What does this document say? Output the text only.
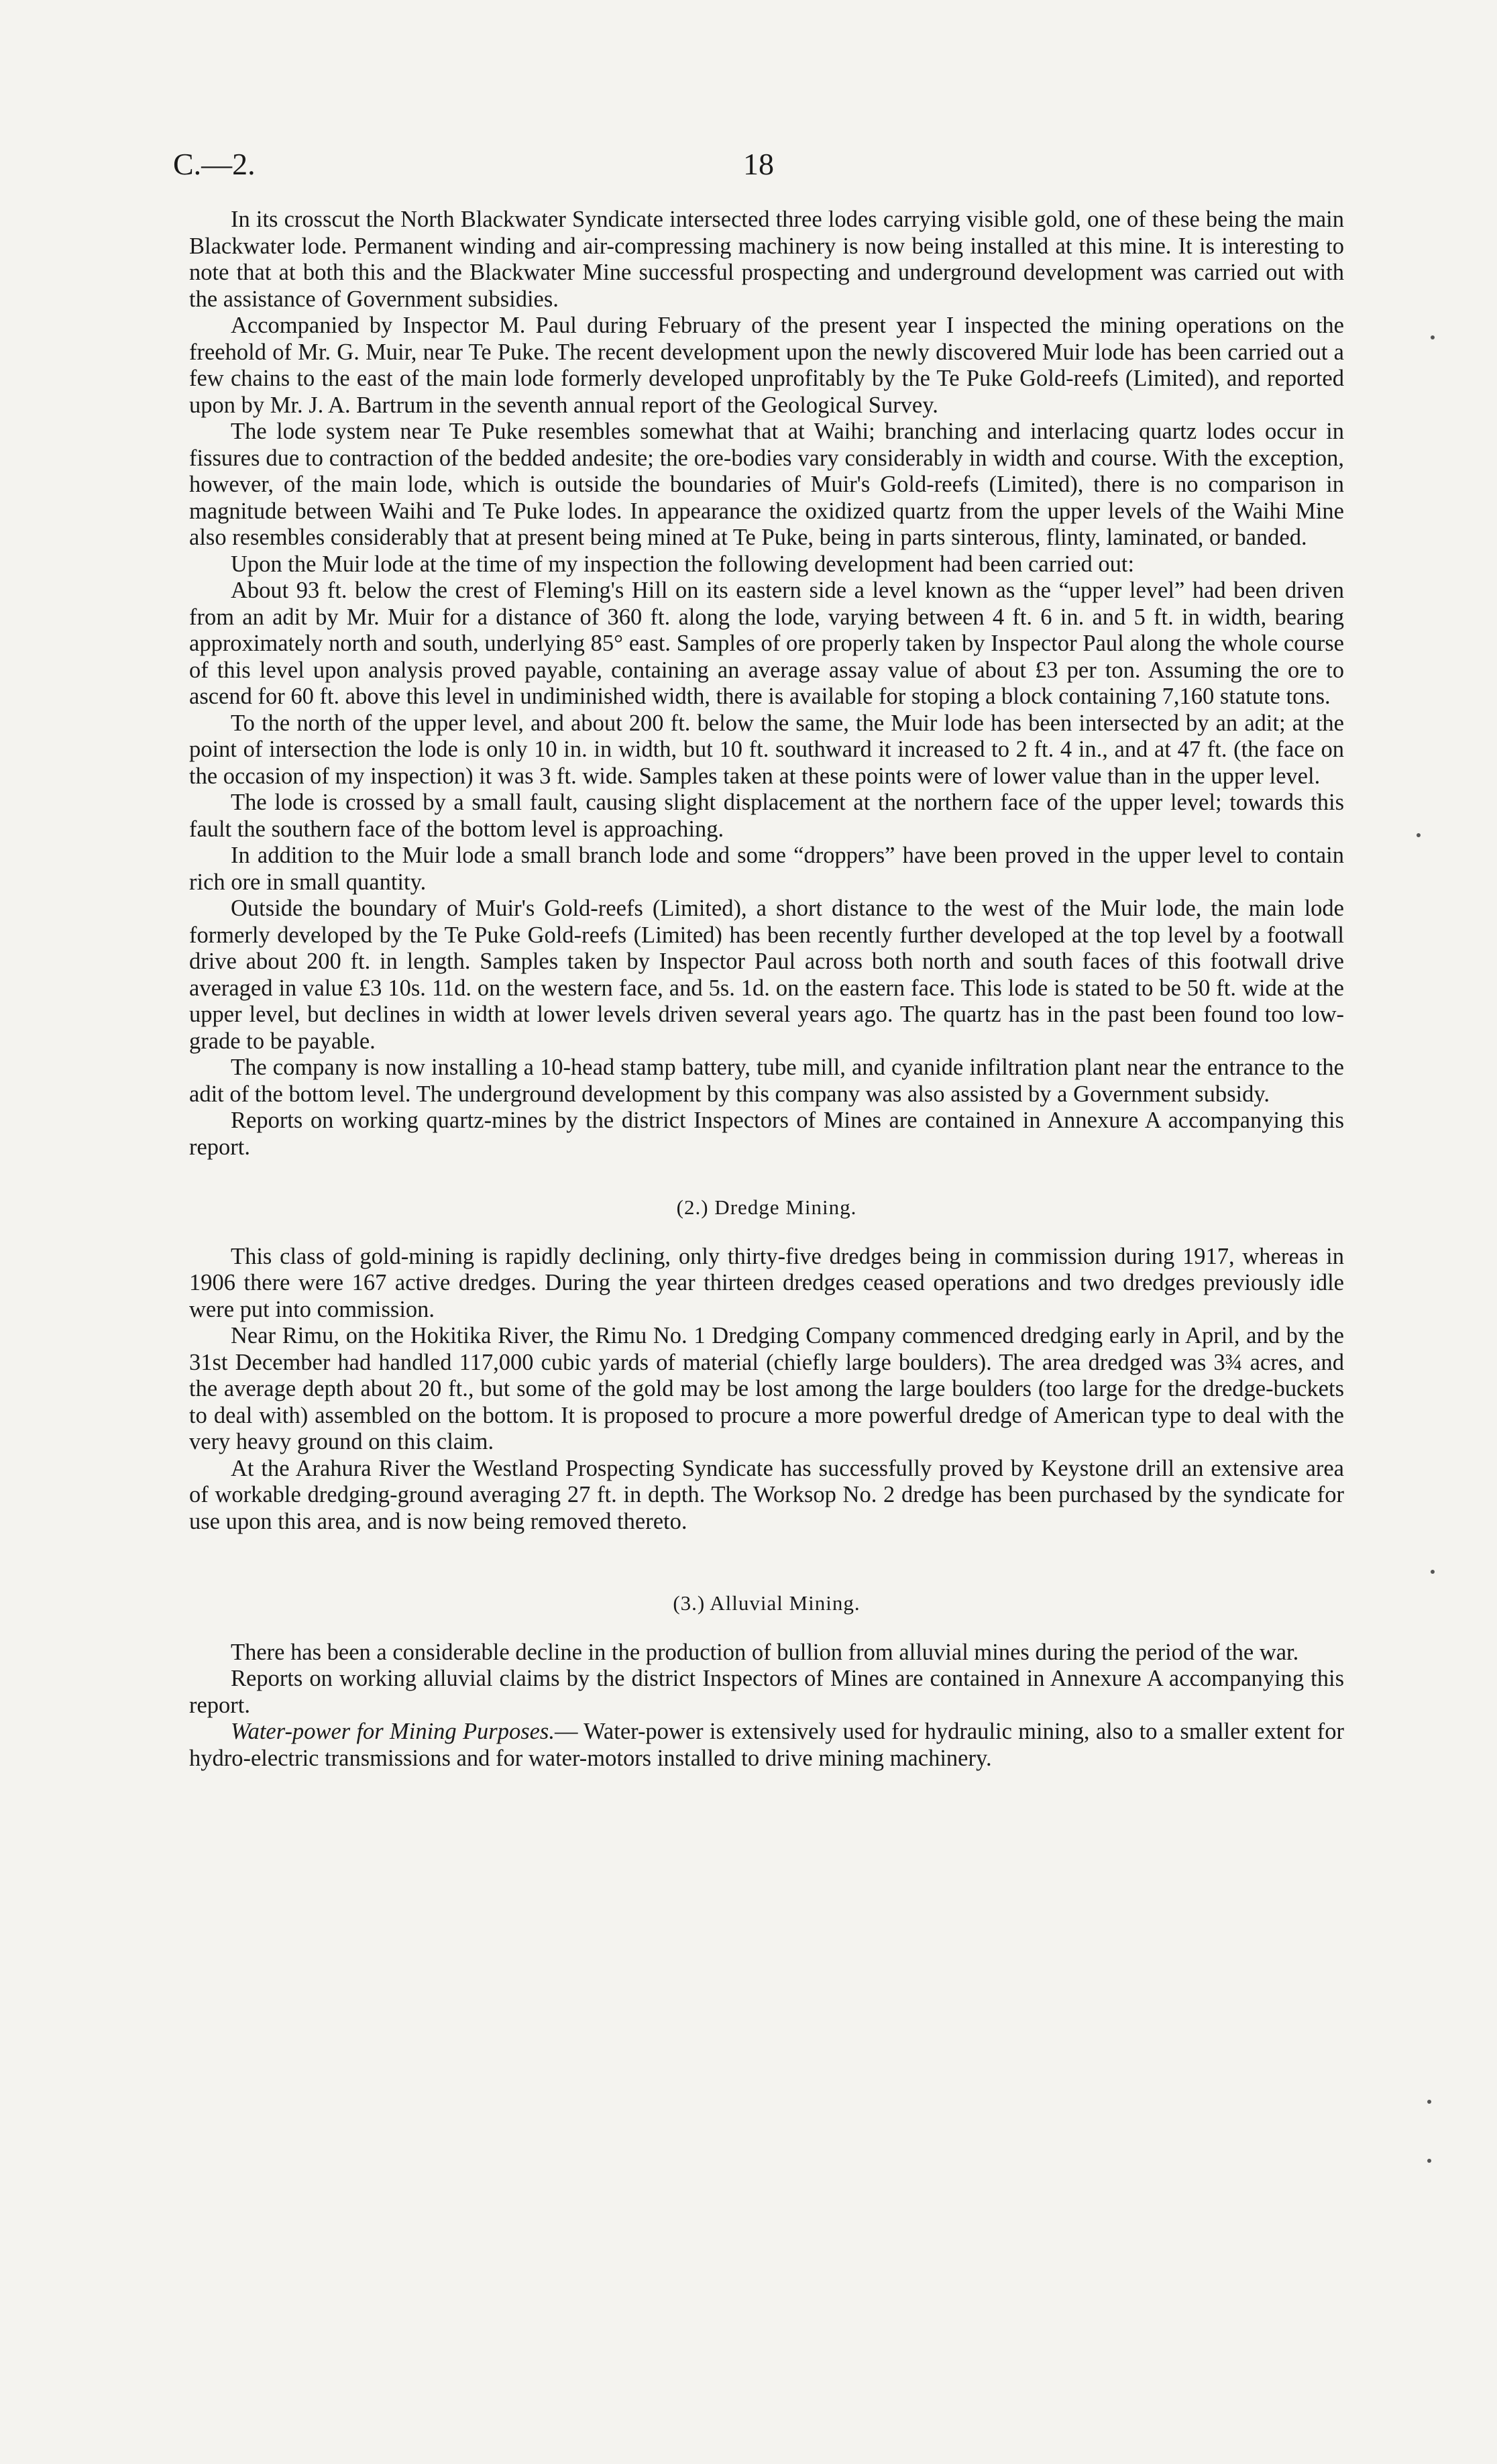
C.—2.	18

In its crosscut the North Blackwater Syndicate intersected three lodes carrying visible gold, one of these being the main Blackwater lode. Permanent winding and air-compressing machinery is now being installed at this mine. It is interesting to note that at both this and the Blackwater Mine successful prospecting and underground development was carried out with the assistance of Government subsidies.

Accompanied by Inspector M. Paul during February of the present year I inspected the mining operations on the freehold of Mr. G. Muir, near Te Puke. The recent development upon the newly discovered Muir lode has been carried out a few chains to the east of the main lode formerly developed unprofitably by the Te Puke Gold-reefs (Limited), and reported upon by Mr. J. A. Bartrum in the seventh annual report of the Geological Survey.

The lode system near Te Puke resembles somewhat that at Waihi; branching and interlacing quartz lodes occur in fissures due to contraction of the bedded andesite; the ore-bodies vary considerably in width and course. With the exception, however, of the main lode, which is outside the boundaries of Muir's Gold-reefs (Limited), there is no comparison in magnitude between Waihi and Te Puke lodes. In appearance the oxidized quartz from the upper levels of the Waihi Mine also resembles considerably that at present being mined at Te Puke, being in parts sinterous, flinty, laminated, or banded.

Upon the Muir lode at the time of my inspection the following development had been carried out:

About 93 ft. below the crest of Fleming's Hill on its eastern side a level known as the “upper level” had been driven from an adit by Mr. Muir for a distance of 360 ft. along the lode, varying between 4 ft. 6 in. and 5 ft. in width, bearing approximately north and south, underlying 85° east. Samples of ore properly taken by Inspector Paul along the whole course of this level upon analysis proved payable, containing an average assay value of about £3 per ton. Assuming the ore to ascend for 60 ft. above this level in undiminished width, there is available for stoping a block containing 7,160 statute tons.

To the north of the upper level, and about 200 ft. below the same, the Muir lode has been intersected by an adit; at the point of intersection the lode is only 10 in. in width, but 10 ft. southward it increased to 2 ft. 4 in., and at 47 ft. (the face on the occasion of my inspection) it was 3 ft. wide. Samples taken at these points were of lower value than in the upper level.

The lode is crossed by a small fault, causing slight displacement at the northern face of the upper level; towards this fault the southern face of the bottom level is approaching.

In addition to the Muir lode a small branch lode and some “droppers” have been proved in the upper level to contain rich ore in small quantity.

Outside the boundary of Muir's Gold-reefs (Limited), a short distance to the west of the Muir lode, the main lode formerly developed by the Te Puke Gold-reefs (Limited) has been recently further developed at the top level by a footwall drive about 200 ft. in length. Samples taken by Inspector Paul across both north and south faces of this footwall drive averaged in value £3 10s. 11d. on the western face, and 5s. 1d. on the eastern face. This lode is stated to be 50 ft. wide at the upper level, but declines in width at lower levels driven several years ago. The quartz has in the past been found too low-grade to be payable.

The company is now installing a 10-head stamp battery, tube mill, and cyanide infiltration plant near the entrance to the adit of the bottom level. The underground development by this company was also assisted by a Government subsidy.

Reports on working quartz-mines by the district Inspectors of Mines are contained in Annexure A accompanying this report.

(2.) Dredge Mining.

This class of gold-mining is rapidly declining, only thirty-five dredges being in commission during 1917, whereas in 1906 there were 167 active dredges. During the year thirteen dredges ceased operations and two dredges previously idle were put into commission.

Near Rimu, on the Hokitika River, the Rimu No. 1 Dredging Company commenced dredging early in April, and by the 31st December had handled 117,000 cubic yards of material (chiefly large boulders). The area dredged was 3¾ acres, and the average depth about 20 ft., but some of the gold may be lost among the large boulders (too large for the dredge-buckets to deal with) assembled on the bottom. It is proposed to procure a more powerful dredge of American type to deal with the very heavy ground on this claim.

At the Arahura River the Westland Prospecting Syndicate has successfully proved by Keystone drill an extensive area of workable dredging-ground averaging 27 ft. in depth. The Worksop No. 2 dredge has been purchased by the syndicate for use upon this area, and is now being removed thereto.

(3.) Alluvial Mining.

There has been a considerable decline in the production of bullion from alluvial mines during the period of the war.

Reports on working alluvial claims by the district Inspectors of Mines are contained in Annexure A accompanying this report.

Water-power for Mining Purposes.— Water-power is extensively used for hydraulic mining, also to a smaller extent for hydro-electric transmissions and for water-motors installed to drive mining machinery.
